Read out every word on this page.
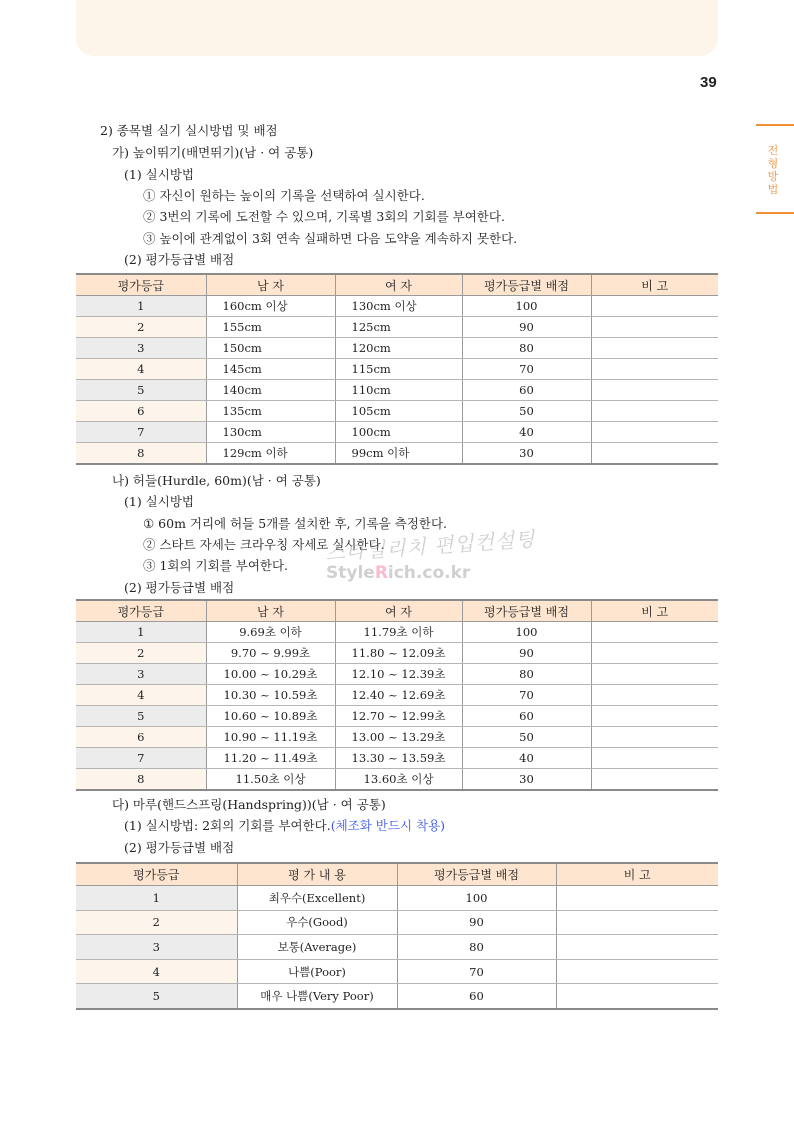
39
전형방법
2) 종목별 실기 실시방법 및 배점
가) 높이뛰기(배면뛰기)(남 · 여 공통)
(1) 실시방법
① 자신이 원하는 높이의 기록을 선택하여 실시한다.
② 3번의 기록에 도전할 수 있으며, 기록별 3회의 기회를 부여한다.
③ 높이에 관계없이 3회 연속 실패하면 다음 도약을 계속하지 못한다.
(2) 평가등급별 배점
평가등급	남 자	여 자	평가등급별 배점	비 고
1	160cm 이상	130cm 이상	100	
2	155cm	125cm	90	
3	150cm	120cm	80	
4	145cm	115cm	70	
5	140cm	110cm	60	
6	135cm	105cm	50	
7	130cm	100cm	40	
8	129cm 이하	99cm 이하	30	
나) 허들(Hurdle, 60m)(남 · 여 공통)
(1) 실시방법
① 60m 거리에 허들 5개를 설치한 후, 기록을 측정한다.
② 스타트 자세는 크라우칭 자세로 실시한다.
③ 1회의 기회를 부여한다.
(2) 평가등급별 배점
평가등급	남 자	여 자	평가등급별 배점	비 고
1	9.69초 이하	11.79초 이하	100	
2	9.70 ~ 9.99초	11.80 ~ 12.09초	90	
3	10.00 ~ 10.29초	12.10 ~ 12.39초	80	
4	10.30 ~ 10.59초	12.40 ~ 12.69초	70	
5	10.60 ~ 10.89초	12.70 ~ 12.99초	60	
6	10.90 ~ 11.19초	13.00 ~ 13.29초	50	
7	11.20 ~ 11.49초	13.30 ~ 13.59초	40	
8	11.50초 이상	13.60초 이상	30	
다) 마루(핸드스프링(Handspring))(남 · 여 공통)
(1) 실시방법: 2회의 기회를 부여한다.(체조화 반드시 착용)
(2) 평가등급별 배점
평가등급	평 가 내 용	평가등급별 배점	비 고
1	최우수(Excellent)	100	
2	우수(Good)	90	
3	보통(Average)	80	
4	나쁨(Poor)	70	
5	매우 나쁨(Very Poor)	60	
스타일리치 편입컨설팅
StyleRich.co.kr
